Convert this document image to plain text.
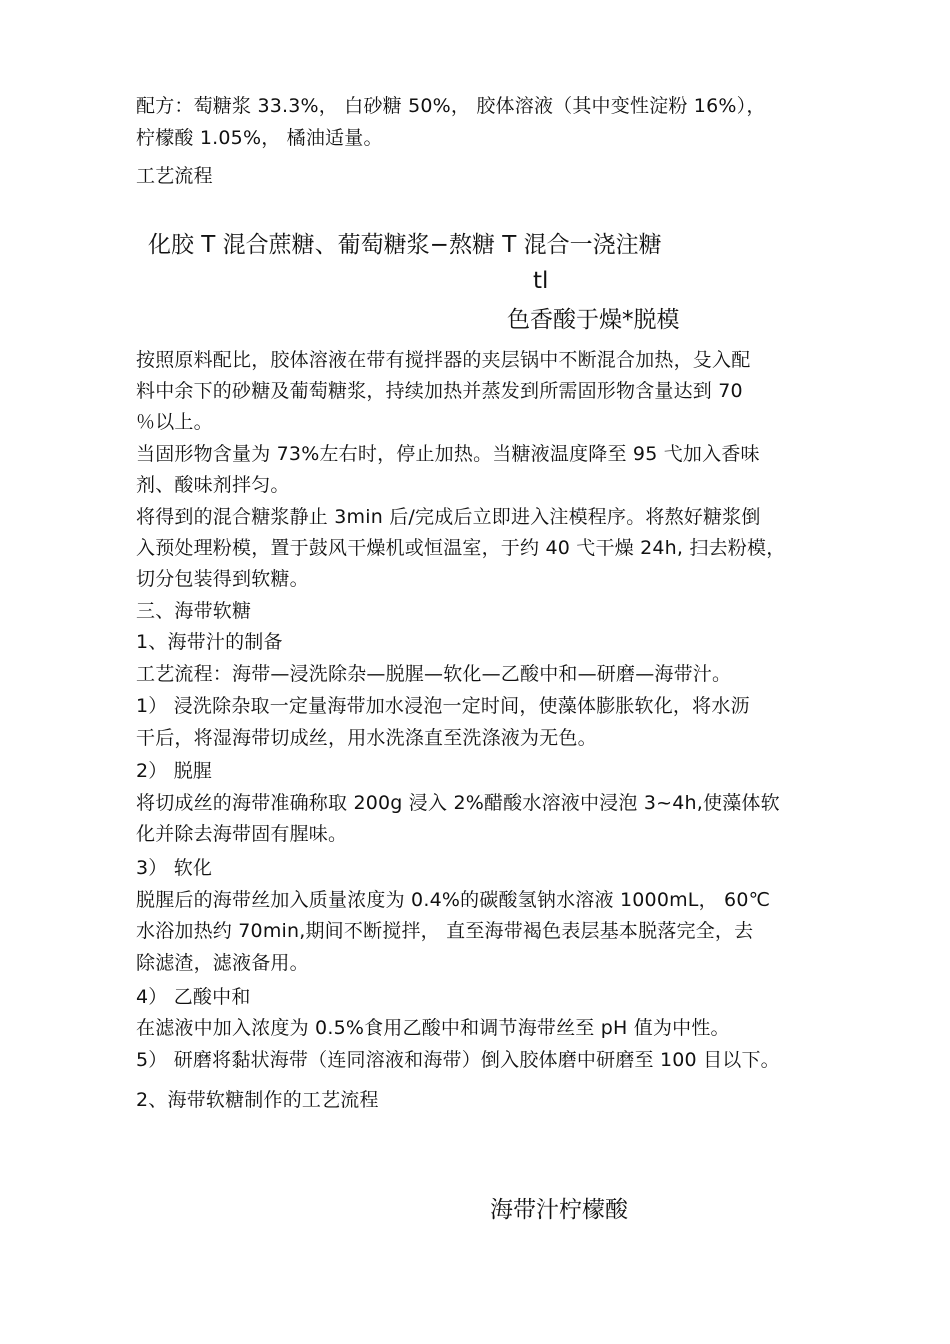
配方：萄糖浆 33.3%， 白砂糖 50%， 胶体溶液（其中变性淀粉 16%），
柠檬酸 1.05%， 橘油适量。
工艺流程
化胶 T 混合蔗糖、葡萄糖浆−熬糖 T 混合一浇注糖
tl
色香酸于燥*脱模
按照原料配比，胶体溶液在带有搅拌器的夹层锅中不断混合加热，殳入配
料中余下的砂糖及葡萄糖浆，持续加热并蒸发到所需固形物含量达到 70
％以上。
当固形物含量为 73%左右时，停止加热。当糖液温度降至 95 弋加入香味
剂、酸味剂拌匀。
将得到的混合糖浆静止 3min 后/完成后立即进入注模程序。将熬好糖浆倒
入预处理粉模，置于鼓风干燥机或恒温室，于约 40 弋干燥 24h, 扫去粉模，
切分包装得到软糖。
三、海带软糖
1、海带汁的制备
工艺流程：海带—浸洗除杂—脱腥—软化—乙酸中和—研磨—海带汁。
1） 浸洗除杂取一定量海带加水浸泡一定时间，使藻体膨胀软化，将水沥
干后，将湿海带切成丝，用水洗涤直至洗涤液为无色。
2） 脱腥
将切成丝的海带准确称取 200g 浸入 2%醋酸水溶液中浸泡 3~4h,使藻体软
化并除去海带固有腥味。
3） 软化
脱腥后的海带丝加入质量浓度为 0.4%的碳酸氢钠水溶液 1000mL， 60℃
水浴加热约 70min,期间不断搅拌， 直至海带褐色表层基本脱落完全，去
除滤渣，滤液备用。
4） 乙酸中和
在滤液中加入浓度为 0.5%食用乙酸中和调节海带丝至 pH 值为中性。
5） 研磨将黏状海带（连同溶液和海带）倒入胶体磨中研磨至 100 目以下。
2、海带软糖制作的工艺流程
海带汁柠檬酸
